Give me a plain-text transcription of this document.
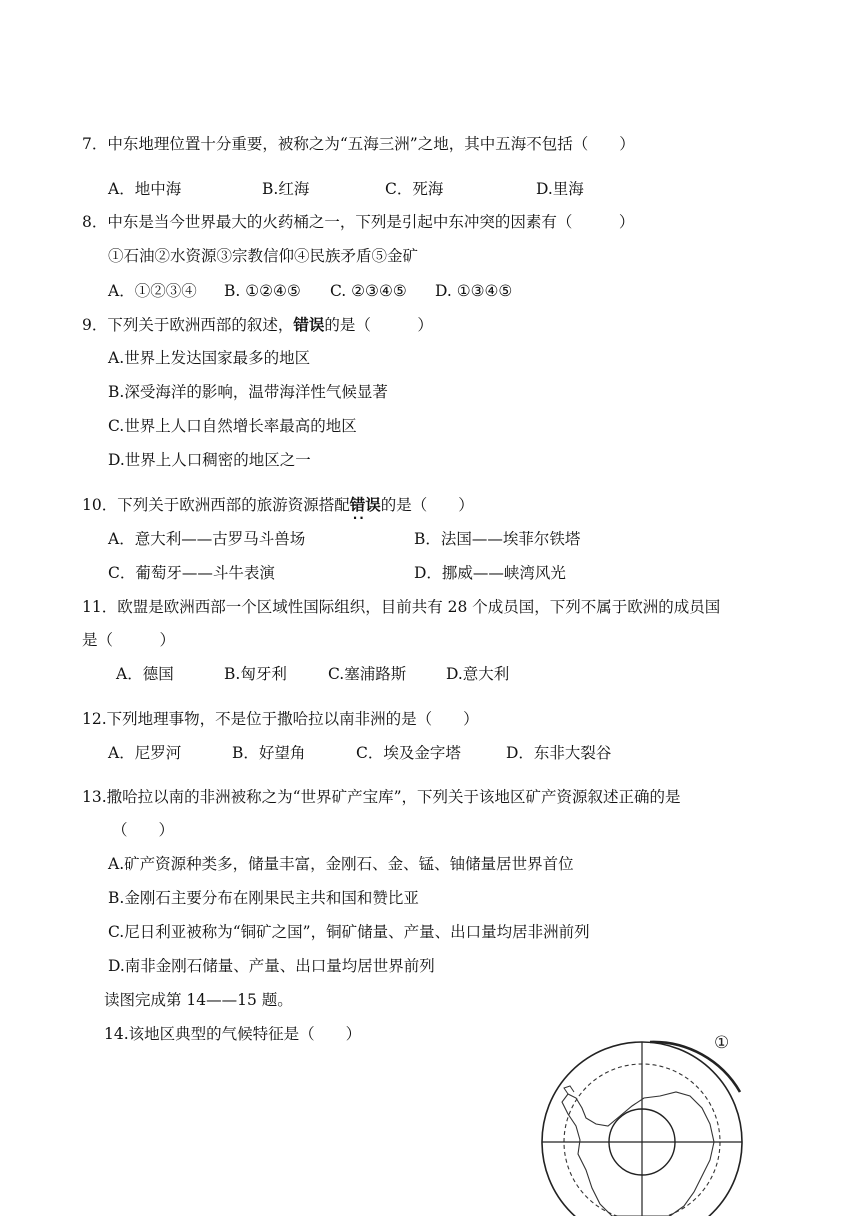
7．中东地理位置十分重要，被称之为“五海三洲”之地，其中五海不包括（　　）
A．地中海	B.红海	C．死海	D.里海
8．中东是当今世界最大的火药桶之一，下列是引起中东冲突的因素有（　　　）
①石油②水资源③宗教信仰④民族矛盾⑤金矿
A．①②③④ B. ①②④⑤ C. ②③④⑤ D. ①③④⑤
9．下列关于欧洲西部的叙述，错误的是（　　　）
A.世界上发达国家最多的地区
B.深受海洋的影响，温带海洋性气候显著
C.世界上人口自然增长率最高的地区
D.世界上人口稠密的地区之一
10．下列关于欧洲西部的旅游资源搭配错误 ··的是（　　）
A．意大利——古罗马斗兽场	B．法国——埃菲尔铁塔
C．葡萄牙——斗牛表演	D．挪威——峡湾风光
11．欧盟是欧洲西部一个区域性国际组织，目前共有 28 个成员国，下列不属于欧洲的成员国
是（　　　）
A．德国	B.匈牙利	C.塞浦路斯	D.意大利
12.下列地理事物，不是位于撒哈拉以南非洲的是（　　）
A．尼罗河	B．好望角	C．埃及金字塔	D．东非大裂谷
13.撒哈拉以南的非洲被称之为“世界矿产宝库”，下列关于该地区矿产资源叙述正确的是
（　　）
A.矿产资源种类多，储量丰富，金刚石、金、锰、铀储量居世界首位
B.金刚石主要分布在刚果民主共和国和赞比亚
C.尼日利亚被称为“铜矿之国”，铜矿储量、产量、出口量均居非洲前列
D.南非金刚石储量、产量、出口量均居世界前列
读图完成第 14——15 题。
14.该地区典型的气候特征是（　　）	①
